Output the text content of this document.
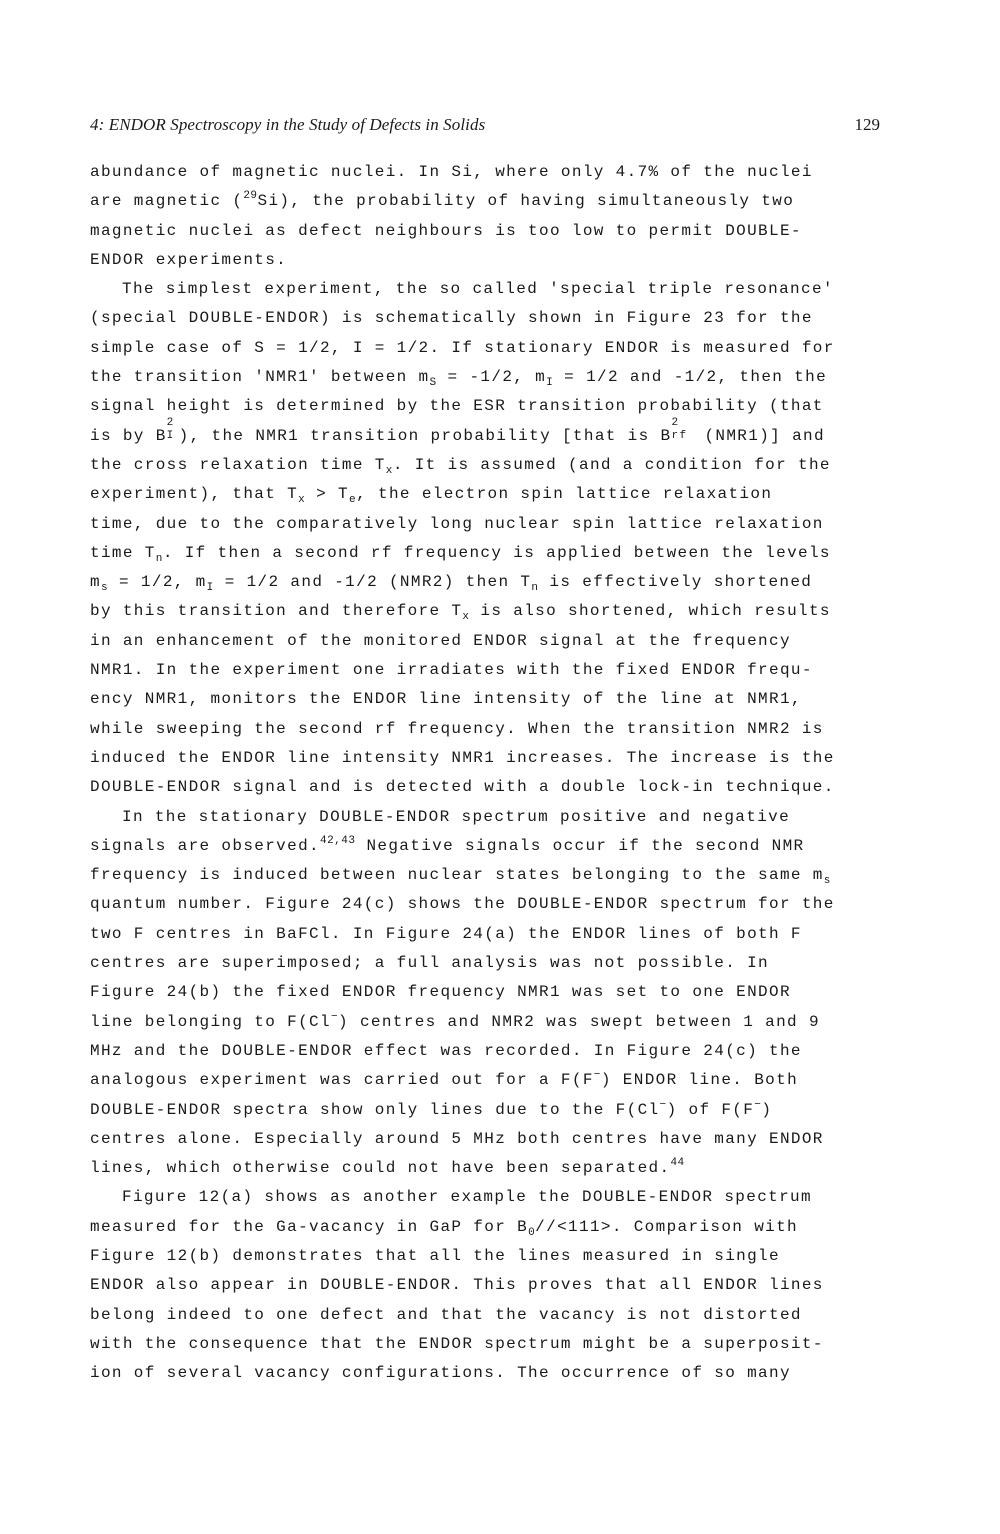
4: ENDOR Spectroscopy in the Study of Defects in Solids	129
abundance of magnetic nuclei. In Si, where only 4.7% of the nuclei
are magnetic ($^{29}$Si), the probability of having simultaneously two
magnetic nuclei as defect neighbours is too low to permit DOUBLE-
ENDOR experiments.
The simplest experiment, the so called 'special triple resonance'
(special DOUBLE-ENDOR) is schematically shown in Figure 23 for the
simple case of S = 1/2, I = 1/2. If stationary ENDOR is measured for
the transition 'NMR1' between $m_S = -1/2$, $m_I = 1/2$ and -1/2, then the
signal height is determined by the ESR transition probability (that
is by B
2
I ), the NMR1 transition probability [that is B
2
rf (NMR1)] and
the cross relaxation time $T_x$. It is assumed (and a condition for the
experiment), that $T_x > T_e$, the electron spin lattice relaxation
time, due to the comparatively long nuclear spin lattice relaxation
time $T_n$. If then a second rf frequency is applied between the levels
$m_s = 1/2$, $m_I = 1/2$ and -1/2 (NMR2) then $T_n$ is effectively shortened
by this transition and therefore $T_x$ is also shortened, which results
in an enhancement of the monitored ENDOR signal at the frequency
NMR1. In the experiment one irradiates with the fixed ENDOR frequ-
ency NMR1, monitors the ENDOR line intensity of the line at NMR1,
while sweeping the second rf frequency. When the transition NMR2 is
induced the ENDOR line intensity NMR1 increases. The increase is the
DOUBLE-ENDOR signal and is detected with a double lock-in technique.
In the stationary DOUBLE-ENDOR spectrum positive and negative
signals are observed.$^{42,43}$ Negative signals occur if the second NMR
frequency is induced between nuclear states belonging to the same $m_s$
quantum number. Figure 24(c) shows the DOUBLE-ENDOR spectrum for the
two F centres in BaFCl. In Figure 24(a) the ENDOR lines of both F
centres are superimposed; a full analysis was not possible. In
Figure 24(b) the fixed ENDOR frequency NMR1 was set to one ENDOR
line belonging to F(Cl−) centres and NMR2 was swept between 1 and 9
MHz and the DOUBLE-ENDOR effect was recorded. In Figure 24(c) the
analogous experiment was carried out for a F(F−) ENDOR line. Both
DOUBLE-ENDOR spectra show only lines due to the F(Cl−) of F(F−)
centres alone. Especially around 5 MHz both centres have many ENDOR
lines, which otherwise could not have been separated.$^{44}$
Figure 12(a) shows as another example the DOUBLE-ENDOR spectrum
measured for the Ga-vacancy in GaP for $B_0//<111>$. Comparison with
Figure 12(b) demonstrates that all the lines measured in single
ENDOR also appear in DOUBLE-ENDOR. This proves that all ENDOR lines
belong indeed to one defect and that the vacancy is not distorted
with the consequence that the ENDOR spectrum might be a superposit-
ion of several vacancy configurations. The occurrence of so many
